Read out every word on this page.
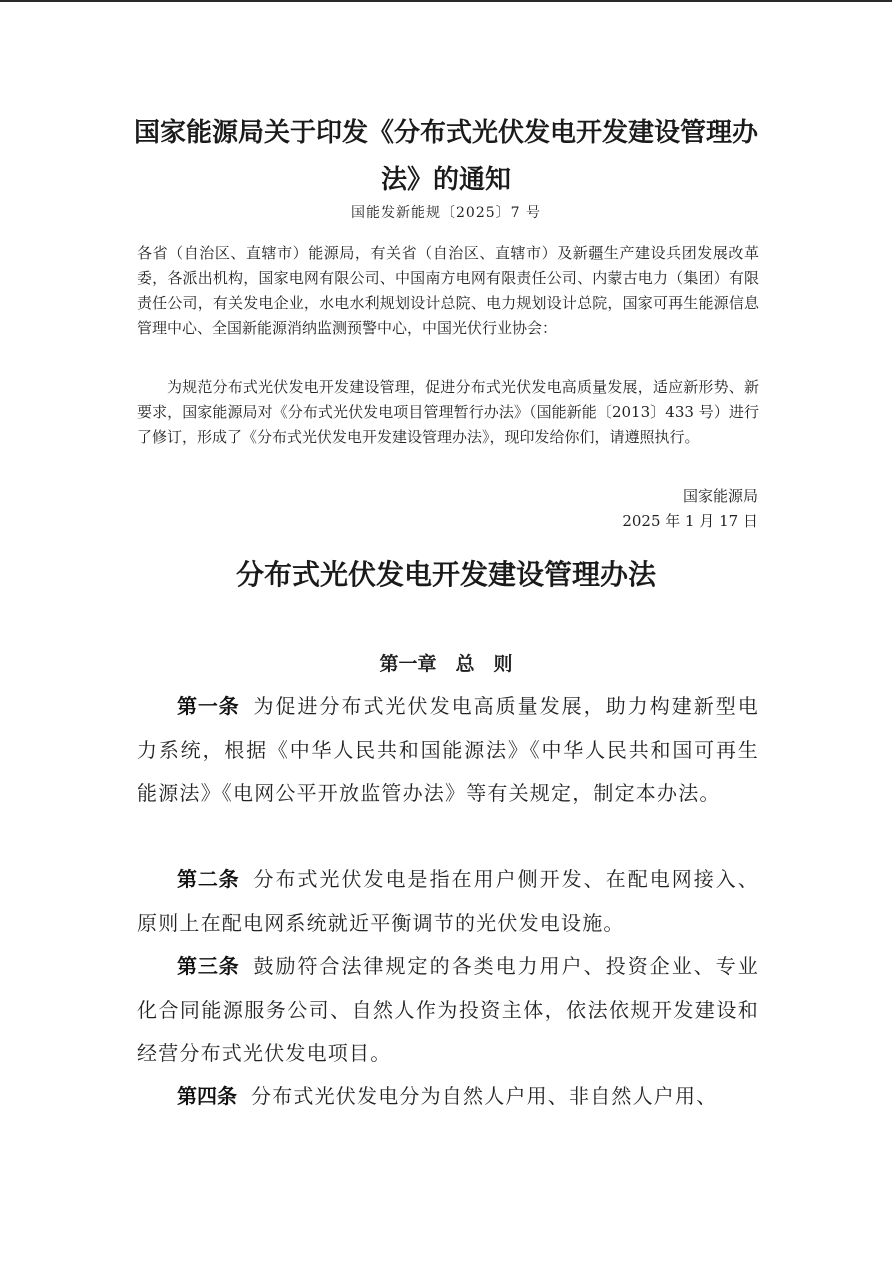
国家能源局关于印发《分布式光伏发电开发建设管理办法》的通知
国能发新能规〔2025〕7 号

各省（自治区、直辖市）能源局，有关省（自治区、直辖市）及新疆生产建设兵团发展改革委，各派出机构，国家电网有限公司、中国南方电网有限责任公司、内蒙古电力（集团）有限责任公司，有关发电企业，水电水利规划设计总院、电力规划设计总院，国家可再生能源信息管理中心、全国新能源消纳监测预警中心，中国光伏行业协会：

为规范分布式光伏发电开发建设管理，促进分布式光伏发电高质量发展，适应新形势、新要求，国家能源局对《分布式光伏发电项目管理暂行办法》（国能新能〔2013〕433 号）进行了修订，形成了《分布式光伏发电开发建设管理办法》，现印发给你们，请遵照执行。

国家能源局
2025 年 1 月 17 日
分布式光伏发电开发建设管理办法
第一章　总　则

第一条 为促进分布式光伏发电高质量发展，助力构建新型电力系统，根据《中华人民共和国能源法》《中华人民共和国可再生能源法》《电网公平开放监管办法》等有关规定，制定本办法。

第二条 分布式光伏发电是指在用户侧开发、在配电网接入、原则上在配电网系统就近平衡调节的光伏发电设施。

第三条 鼓励符合法律规定的各类电力用户、投资企业、专业化合同能源服务公司、自然人作为投资主体，依法依规开发建设和经营分布式光伏发电项目。

第四条 分布式光伏发电分为自然人户用、非自然人户用、
